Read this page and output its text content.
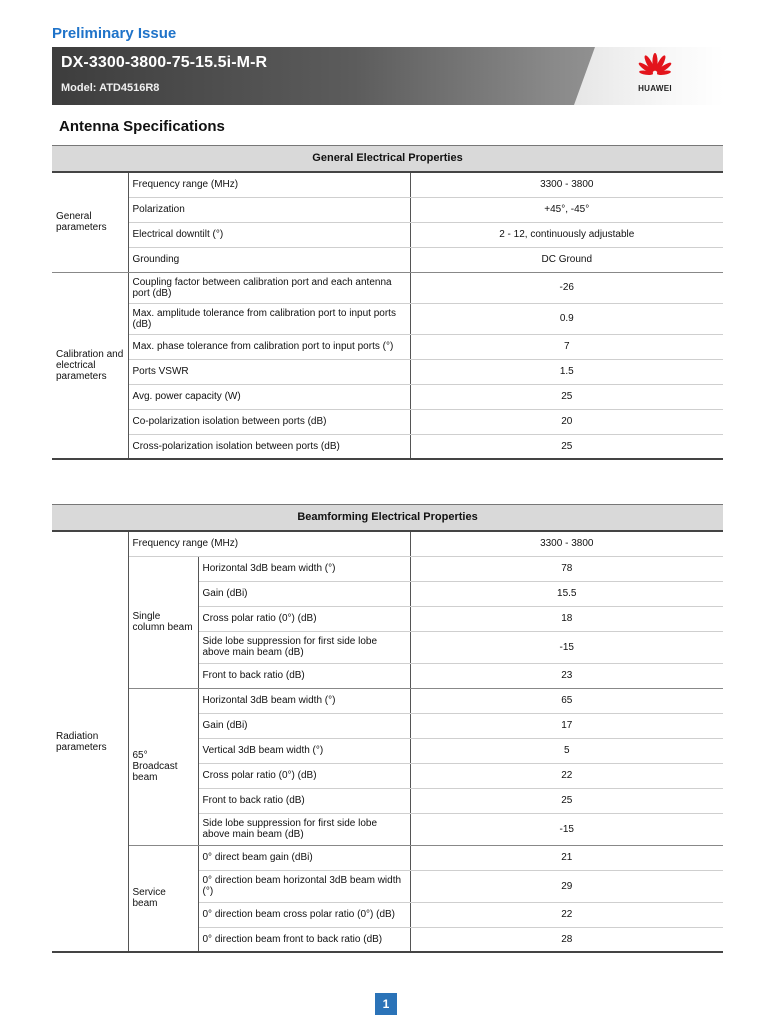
Preliminary Issue
DX-3300-3800-75-15.5i-M-R
Model: ATD4516R8	HUAWEI
Antenna Specifications
General Electrical Properties		
General parameters	Frequency range (MHz)	3300 - 3800
	Polarization	+45°, -45°
	Electrical downtilt (°)	2 - 12, continuously adjustable
	Grounding	DC Ground
Calibration and electrical parameters	Coupling factor between calibration port and each antenna port (dB)	-26
	Max. amplitude tolerance from calibration port to input ports (dB)	0.9
	Max. phase tolerance from calibration port to input ports (°)	7
	Ports VSWR	1.5
	Avg. power capacity (W)	25
	Co-polarization isolation between ports (dB)	20
	Cross-polarization isolation between ports (dB)	25
Beamforming Electrical Properties			
Radiation parameters	Frequency range (MHz)		3300 - 3800
	Single column beam	Horizontal 3dB beam width (°)	78
		Gain (dBi)	15.5
		Cross polar ratio (0°) (dB)	18
		Side lobe suppression for first side lobe above main beam (dB)	-15
		Front to back ratio (dB)	23
	65° Broadcast beam	Horizontal 3dB beam width (°)	65
		Gain (dBi)	17
		Vertical 3dB beam width (°)	5
		Cross polar ratio (0°) (dB)	22
		Front to back ratio (dB)	25
		Side lobe suppression for first side lobe above main beam (dB)	-15
	Service beam	0° direct beam gain (dBi)	21
		0° direction beam horizontal 3dB beam width (°)	29
		0° direction beam cross polar ratio (0°) (dB)	22
		0° direction beam front to back ratio (dB)	28
1
